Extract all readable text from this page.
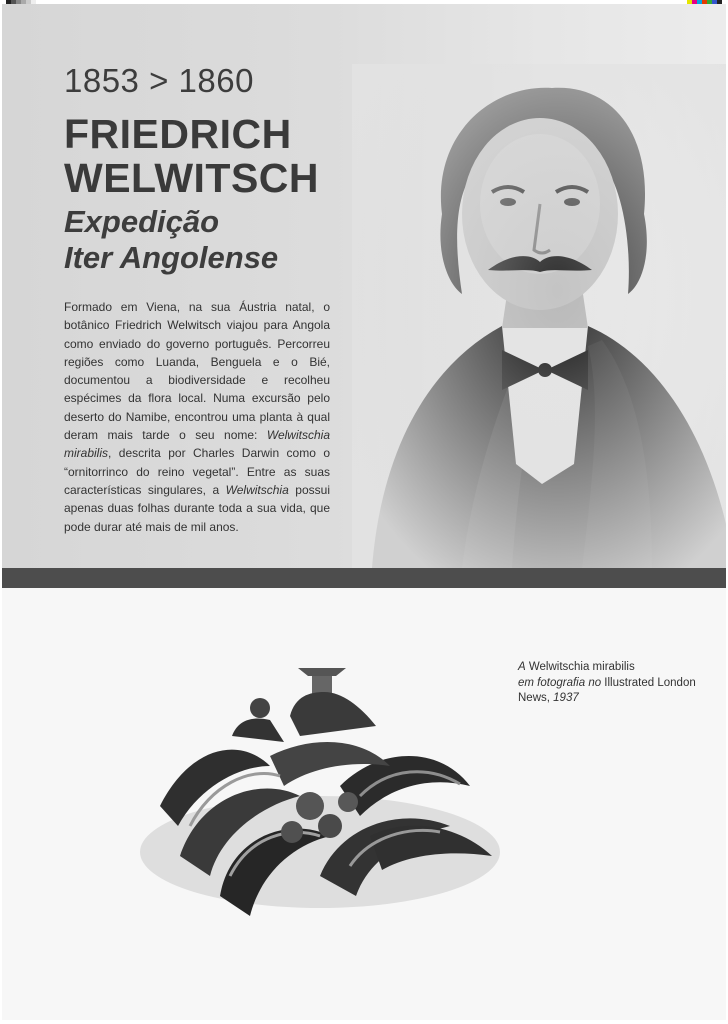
1853 > 1860
FRIEDRICH
WELWITSCH
Expedição
Iter Angolense

Formado em Viena, na sua Áustria natal, o botânico Friedrich Welwitsch viajou para Angola como enviado do governo português. Percorreu regiões como Luanda, Benguela e o Bié, documentou a biodiversidade e recolheu espécimes da flora local. Numa excursão pelo deserto do Namibe, encontrou uma planta à qual deram mais tarde o seu nome: Welwitschia mirabilis, descrita por Charles Darwin como o “ornitorrinco do reino vegetal”. Entre as suas características singulares, a Welwitschia possui apenas duas folhas durante toda a sua vida, que pode durar até mais de mil anos.

A Welwitschia mirabilis
em fotografia no Illustrated London News, 1937
